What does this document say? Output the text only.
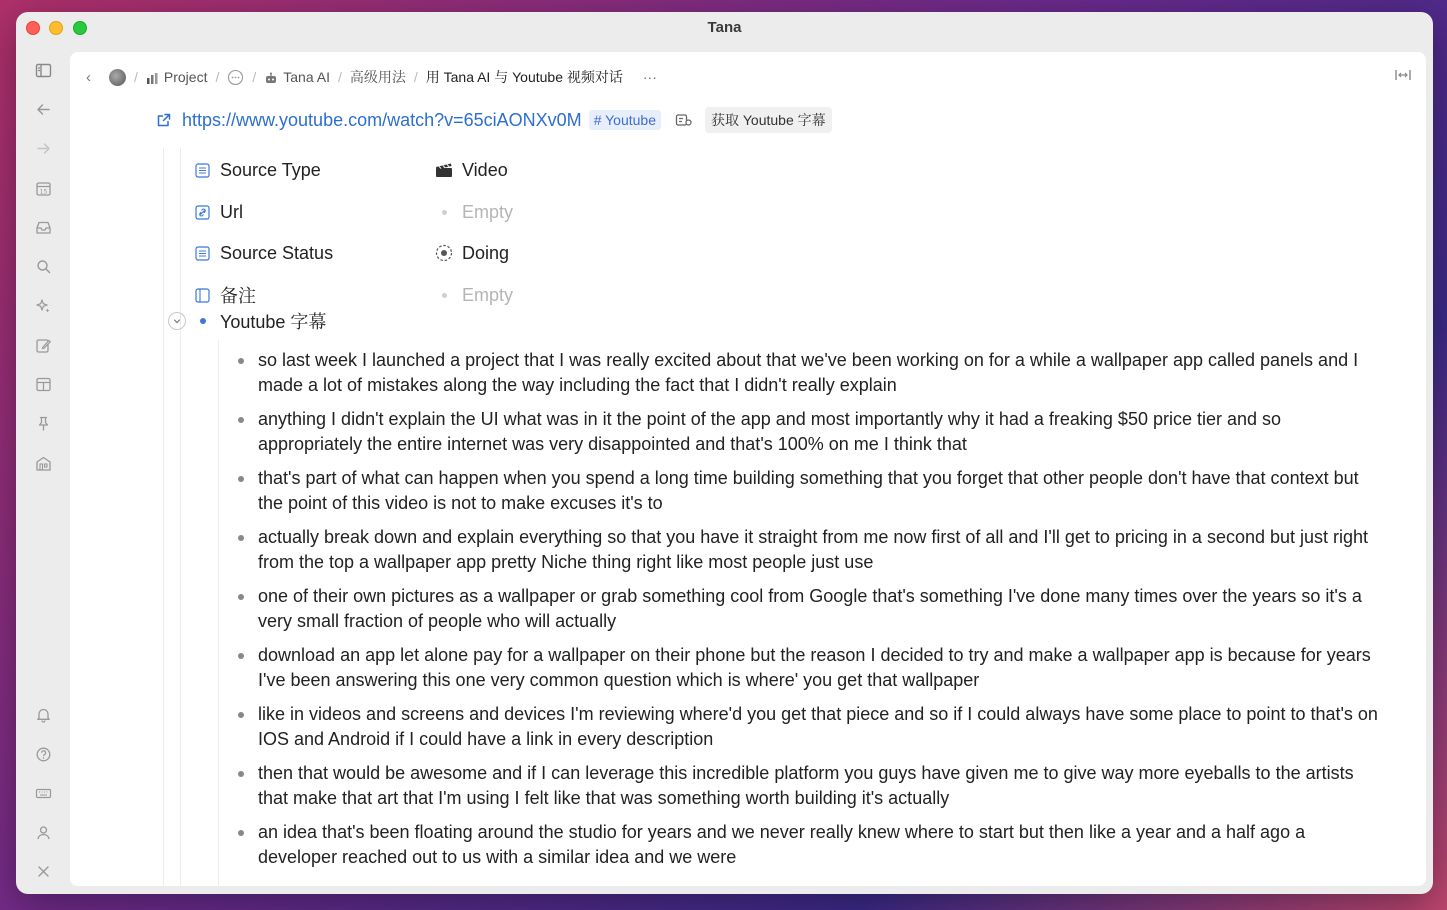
Tana
15
‹	/	Project / /	Tana AI / 高级用法 / 用 Tana AI 与 Youtube 视频对话 ···
https://www.youtube.com/watch?v=65ciAONXv0M # Youtube	获取 Youtube 字幕
Source Type	Video
Url	Empty
Source Status	Doing
备注	Empty
Youtube 字幕
so last week I launched a project that I was really excited about that we've been working on for a while a wallpaper app called panels and I made a lot of mistakes along the way including the fact that I didn't really explain
anything I didn't explain the UI what was in it the point of the app and most importantly why it had a freaking $50 price tier and so appropriately the entire internet was very disappointed and that's 100% on me I think that
that's part of what can happen when you spend a long time building something that you forget that other people don't have that context but the point of this video is not to make excuses it's to
actually break down and explain everything so that you have it straight from me now first of all and I'll get to pricing in a second but just right from the top a wallpaper app pretty Niche thing right like most people just use
one of their own pictures as a wallpaper or grab something cool from Google that's something I've done many times over the years so it's a very small fraction of people who will actually
download an app let alone pay for a wallpaper on their phone but the reason I decided to try and make a wallpaper app is because for years I've been answering this one very common question which is where' you get that wallpaper
like in videos and screens and devices I'm reviewing where'd you get that piece and so if I could always have some place to point to that's on IOS and Android if I could have a link in every description
then that would be awesome and if I can leverage this incredible platform you guys have given me to give way more eyeballs to the artists that make that art that I'm using I felt like that was something worth building it's actually
an idea that's been floating around the studio for years and we never really knew where to start but then like a year and a half ago a developer reached out to us with a similar idea and we were
